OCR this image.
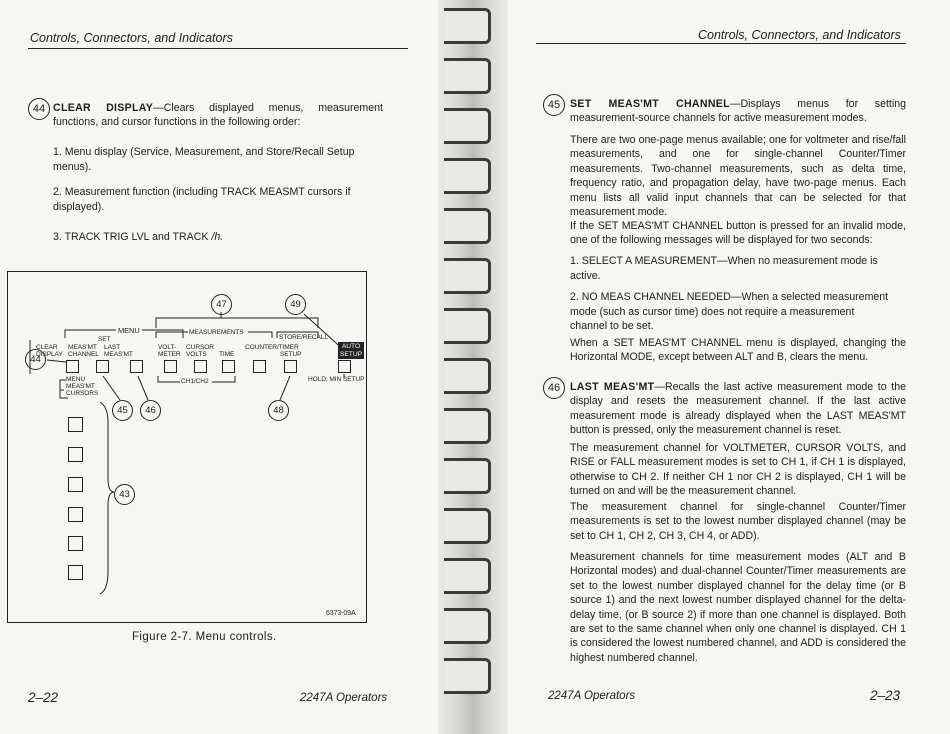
Controls, Connectors, and Indicators
44 CLEAR DISPLAY—Clears displayed menus, measurement functions, and cursor functions in the following order:
1. Menu display (Service, Measurement, and Store/Recall Setup menus).
2. Measurement function (including TRACK MEASMT cursors if displayed).
3. TRACK TRIG LVL and TRACK /h.
47	49
MENU	MEASUREMENTS
STORE/RECALL
SET
CLEAR DISPLAY
MEAS'MT CHANNEL
LAST MEAS'MT
VOLT-METER
CURSOR VOLTS	TIME
COUNTER/TIMER
SETUP
AUTO SETUP
44
CH1/CH2	HOLD: MIN SETUP
MENU MEAS'MT CURSORS
45	46	48
43
6373-09A
Figure 2-7. Menu controls.
2–22	2247A Operators
Controls, Connectors, and Indicators
45 SET MEAS'MT CHANNEL—Displays menus for setting measurement-source channels for active measurement modes.
There are two one-page menus available; one for voltmeter and rise/fall measurements, and one for single-channel Counter/Timer measurements. Two-channel measurements, such as delta time, frequency ratio, and propagation delay, have two-page menus. Each menu lists all valid input channels that can be selected for that measurement mode.
If the SET MEAS'MT CHANNEL button is pressed for an invalid mode, one of the following messages will be displayed for two seconds:
1. SELECT A MEASUREMENT—When no measurement mode is active.
2. NO MEAS CHANNEL NEEDED—When a selected measurement mode (such as cursor time) does not require a measurement channel to be set.
When a SET MEAS'MT CHANNEL menu is displayed, changing the Horizontal MODE, except between ALT and B, clears the menu.
46 LAST MEAS'MT—Recalls the last active measurement mode to the display and resets the measurement channel. If the last active measurement mode is already displayed when the LAST MEAS'MT button is pressed, only the measurement channel is reset.
The measurement channel for VOLTMETER, CURSOR VOLTS, and RISE or FALL measurement modes is set to CH 1, if CH 1 is displayed, otherwise to CH 2. If neither CH 1 nor CH 2 is displayed, CH 1 will be turned on and will be the measurement channel.
The measurement channel for single-channel Counter/Timer measurements is set to the lowest number displayed channel (may be set to CH 1, CH 2, CH 3, CH 4, or ADD).
Measurement channels for time measurement modes (ALT and B Horizontal modes) and dual-channel Counter/Timer measurements are set to the lowest number displayed channel for the delay time (or B source 1) and the next lowest number displayed channel for the delta-delay time, (or B source 2) if more than one channel is displayed. Both are set to the same channel when only one channel is displayed. CH 1 is considered the lowest numbered channel, and ADD is considered the highest numbered channel.
2247A Operators	2–23
